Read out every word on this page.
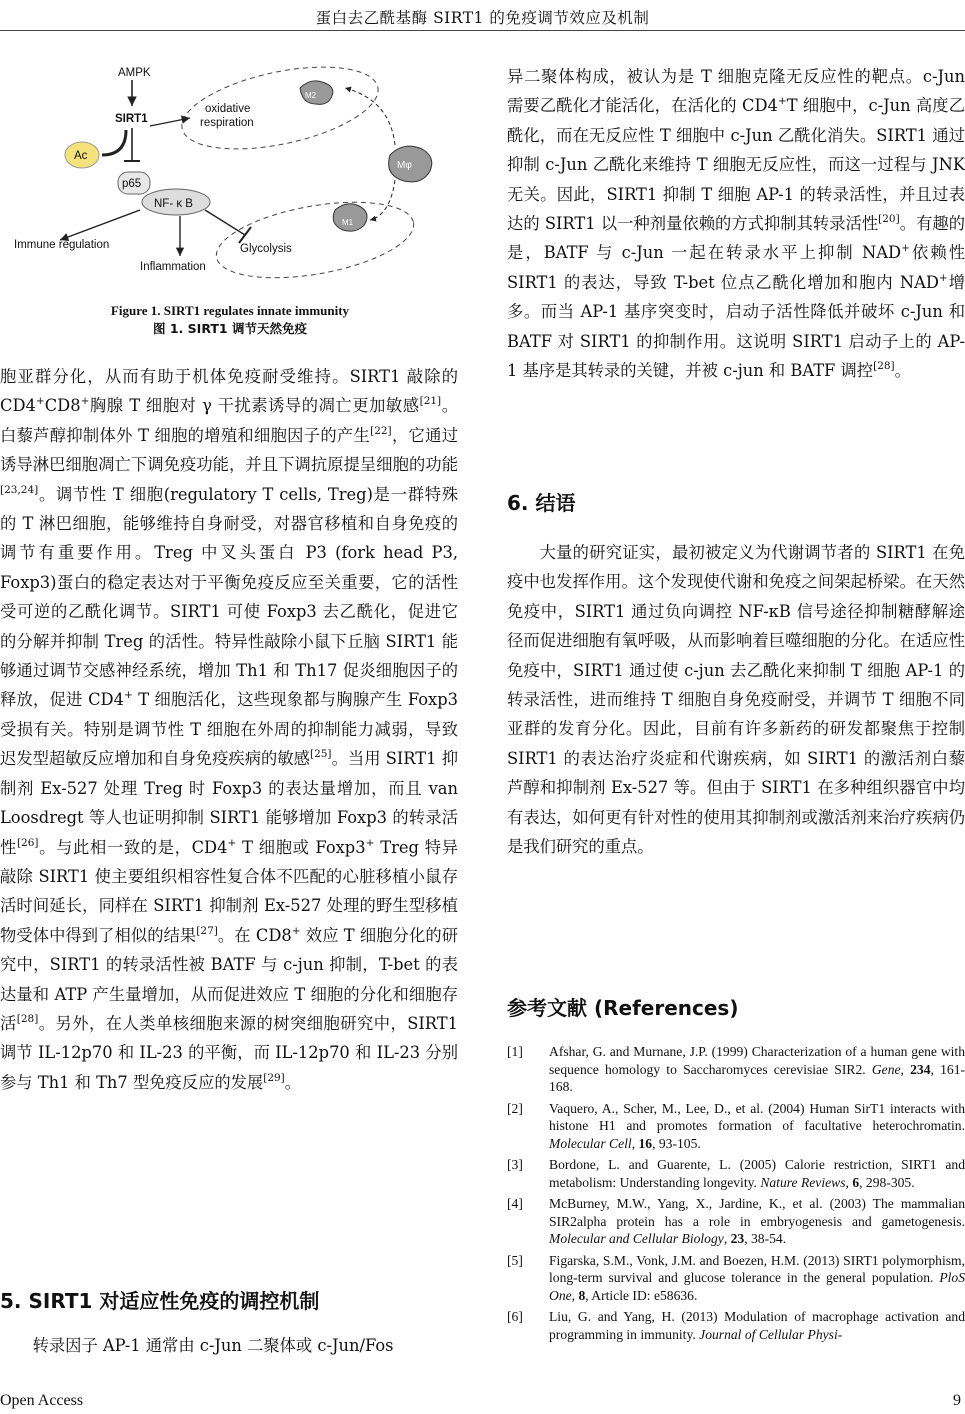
蛋白去乙酰基酶 SIRT1 的免疫调节效应及机制
AMPK
SIRT1
Ac
p65
NF- κ B
Immune regulation
Inflammation
oxidative
respiration
M2
Glycolysis
M1
Mφ
Figure 1. SIRT1 regulates innate immunity
图 1. SIRT1 调节天然免疫

胞亚群分化，从而有助于机体免疫耐受维持。SIRT1 敲除的 CD4+CD8+胸腺 T 细胞对 γ 干扰素诱导的凋亡更加敏感[21]。白藜芦醇抑制体外 T 细胞的增殖和细胞因子的产生[22]，它通过诱导淋巴细胞凋亡下调免疫功能，并且下调抗原提呈细胞的功能[23,24]。调节性 T 细胞(regulatory T cells, Treg)是一群特殊的 T 淋巴细胞，能够维持自身耐受，对器官移植和自身免疫的调节有重要作用。Treg 中叉头蛋白 P3 (fork head P3, Foxp3)蛋白的稳定表达对于平衡免疫反应至关重要，它的活性受可逆的乙酰化调节。SIRT1 可使 Foxp3 去乙酰化，促进它的分解并抑制 Treg 的活性。特异性敲除小鼠下丘脑 SIRT1 能够通过调节交感神经系统，增加 Th1 和 Th17 促炎细胞因子的释放，促进 CD4+ T 细胞活化，这些现象都与胸腺产生 Foxp3 受损有关。特别是调节性 T 细胞在外周的抑制能力减弱，导致迟发型超敏反应增加和自身免疫疾病的敏感[25]。当用 SIRT1 抑制剂 Ex-527 处理 Treg 时 Foxp3 的表达量增加，而且 van Loosdregt 等人也证明抑制 SIRT1 能够增加 Foxp3 的转录活性[26]。与此相一致的是，CD4+ T 细胞或 Foxp3+ Treg 特异敲除 SIRT1 使主要组织相容性复合体不匹配的心脏移植小鼠存活时间延长，同样在 SIRT1 抑制剂 Ex-527 处理的野生型移植物受体中得到了相似的结果[27]。在 CD8+ 效应 T 细胞分化的研究中，SIRT1 的转录活性被 BATF 与 c-jun 抑制，T-bet 的表达量和 ATP 产生量增加，从而促进效应 T 细胞的分化和细胞存活[28]。另外，在人类单核细胞来源的树突细胞研究中，SIRT1 调节 IL-12p70 和 IL-23 的平衡，而 IL-12p70 和 IL-23 分别参与 Th1 和 Th7 型免疫反应的发展[29]。

5. SIRT1 对适应性免疫的调控机制

转录因子 AP-1 通常由 c-Jun 二聚体或 c-Jun/Fos

异二聚体构成，被认为是 T 细胞克隆无反应性的靶点。c-Jun 需要乙酰化才能活化，在活化的 CD4+T 细胞中，c-Jun 高度乙酰化，而在无反应性 T 细胞中 c-Jun 乙酰化消失。SIRT1 通过抑制 c-Jun 乙酰化来维持 T 细胞无反应性，而这一过程与 JNK 无关。因此，SIRT1 抑制 T 细胞 AP-1 的转录活性，并且过表达的 SIRT1 以一种剂量依赖的方式抑制其转录活性[20]。有趣的是，BATF 与 c-Jun 一起在转录水平上抑制 NAD+依赖性 SIRT1 的表达，导致 T-bet 位点乙酰化增加和胞内 NAD+增多。而当 AP-1 基序突变时，启动子活性降低并破坏 c-Jun 和 BATF 对 SIRT1 的抑制作用。这说明 SIRT1 启动子上的 AP-1 基序是其转录的关键，并被 c-jun 和 BATF 调控[28]。

6. 结语

大量的研究证实，最初被定义为代谢调节者的 SIRT1 在免疫中也发挥作用。这个发现使代谢和免疫之间架起桥梁。在天然免疫中，SIRT1 通过负向调控 NF-κB 信号途径抑制糖酵解途径而促进细胞有氧呼吸，从而影响着巨噬细胞的分化。在适应性免疫中，SIRT1 通过使 c-jun 去乙酰化来抑制 T 细胞 AP-1 的转录活性，进而维持 T 细胞自身免疫耐受，并调节 T 细胞不同亚群的发育分化。因此，目前有许多新药的研发都聚焦于控制 SIRT1 的表达治疗炎症和代谢疾病，如 SIRT1 的激活剂白藜芦醇和抑制剂 Ex-527 等。但由于 SIRT1 在多种组织器官中均有表达，如何更有针对性的使用其抑制剂或激活剂来治疗疾病仍是我们研究的重点。

参考文献 (References)
[1]	Afshar, G. and Murnane, J.P. (1999) Characterization of a human gene with sequence homology to Saccharomyces cerevisiae SIR2. Gene, 234, 161-168.
[2]	Vaquero, A., Scher, M., Lee, D., et al. (2004) Human SirT1 interacts with histone H1 and promotes formation of facultative heterochromatin. Molecular Cell, 16, 93-105.
[3]	Bordone, L. and Guarente, L. (2005) Calorie restriction, SIRT1 and metabolism: Understanding longevity. Nature Reviews, 6, 298-305.
[4]	McBurney, M.W., Yang, X., Jardine, K., et al. (2003) The mammalian SIR2alpha protein has a role in embryogenesis and gametogenesis. Molecular and Cellular Biology, 23, 38-54.
[5]	Figarska, S.M., Vonk, J.M. and Boezen, H.M. (2013) SIRT1 polymorphism, long-term survival and glucose tolerance in the general population. PloS One, 8, Article ID: e58636.
[6]	Liu, G. and Yang, H. (2013) Modulation of macrophage activation and programming in immunity. Journal of Cellular Physi-
Open Access	9
